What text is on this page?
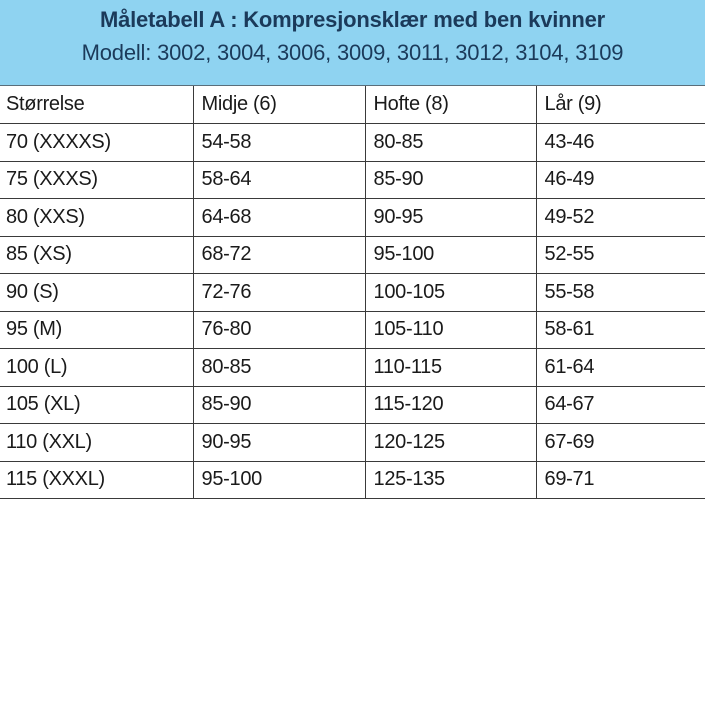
Måletabell A : Kompresjonsklær med ben kvinner
Modell: 3002, 3004, 3006, 3009, 3011, 3012, 3104, 3109
Størrelse	Midje (6)	Hofte (8)	Lår (9)
70 (XXXXS)	54-58	80-85	43-46
75 (XXXS)	58-64	85-90	46-49
80 (XXS)	64-68	90-95	49-52
85 (XS)	68-72	95-100	52-55
90 (S)	72-76	100-105	55-58
95 (M)	76-80	105-110	58-61
100 (L)	80-85	110-115	61-64
105 (XL)	85-90	115-120	64-67
110 (XXL)	90-95	120-125	67-69
115 (XXXL)	95-100	125-135	69-71
